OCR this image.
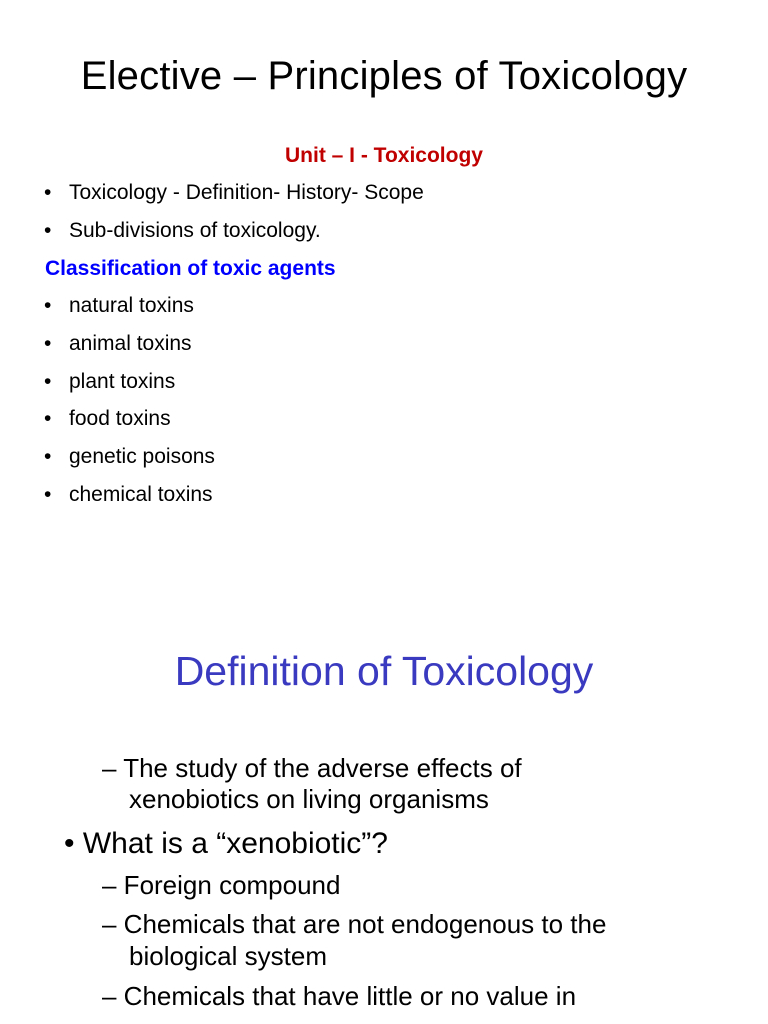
Elective – Principles of Toxicology
Unit – I - Toxicology
• Toxicology - Definition- History- Scope
• Sub-divisions of toxicology.
Classification of toxic agents
• natural toxins
• animal toxins
• plant toxins
• food toxins
• genetic poisons
• chemical toxins
Definition of Toxicology
– The study of the adverse effects of
xenobiotics on living organisms
• What is a “xenobiotic”?
– Foreign compound
– Chemicals that are not endogenous to the
biological system
– Chemicals that have little or no value in
